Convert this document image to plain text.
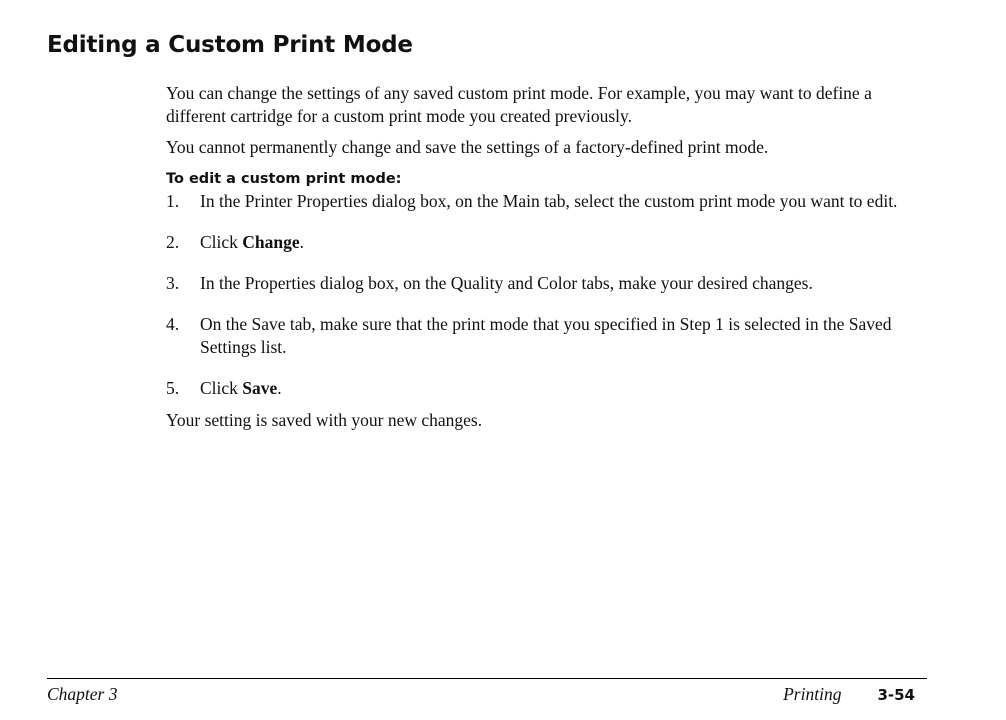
Editing a Custom Print Mode

You can change the settings of any saved custom print mode. For example, you may want to define a different cartridge for a custom print mode you created previously.

You cannot permanently change and save the settings of a factory-defined print mode.

To edit a custom print mode:
1. In the Printer Properties dialog box, on the Main tab, select the custom print mode you want to edit.
2. Click Change.
3. In the Properties dialog box, on the Quality and Color tabs, make your desired changes.
4. On the Save tab, make sure that the print mode that you specified in Step 1 is selected in the Saved Settings list.
5. Click Save.

Your setting is saved with your new changes.

Chapter 3	Printing 3-54
